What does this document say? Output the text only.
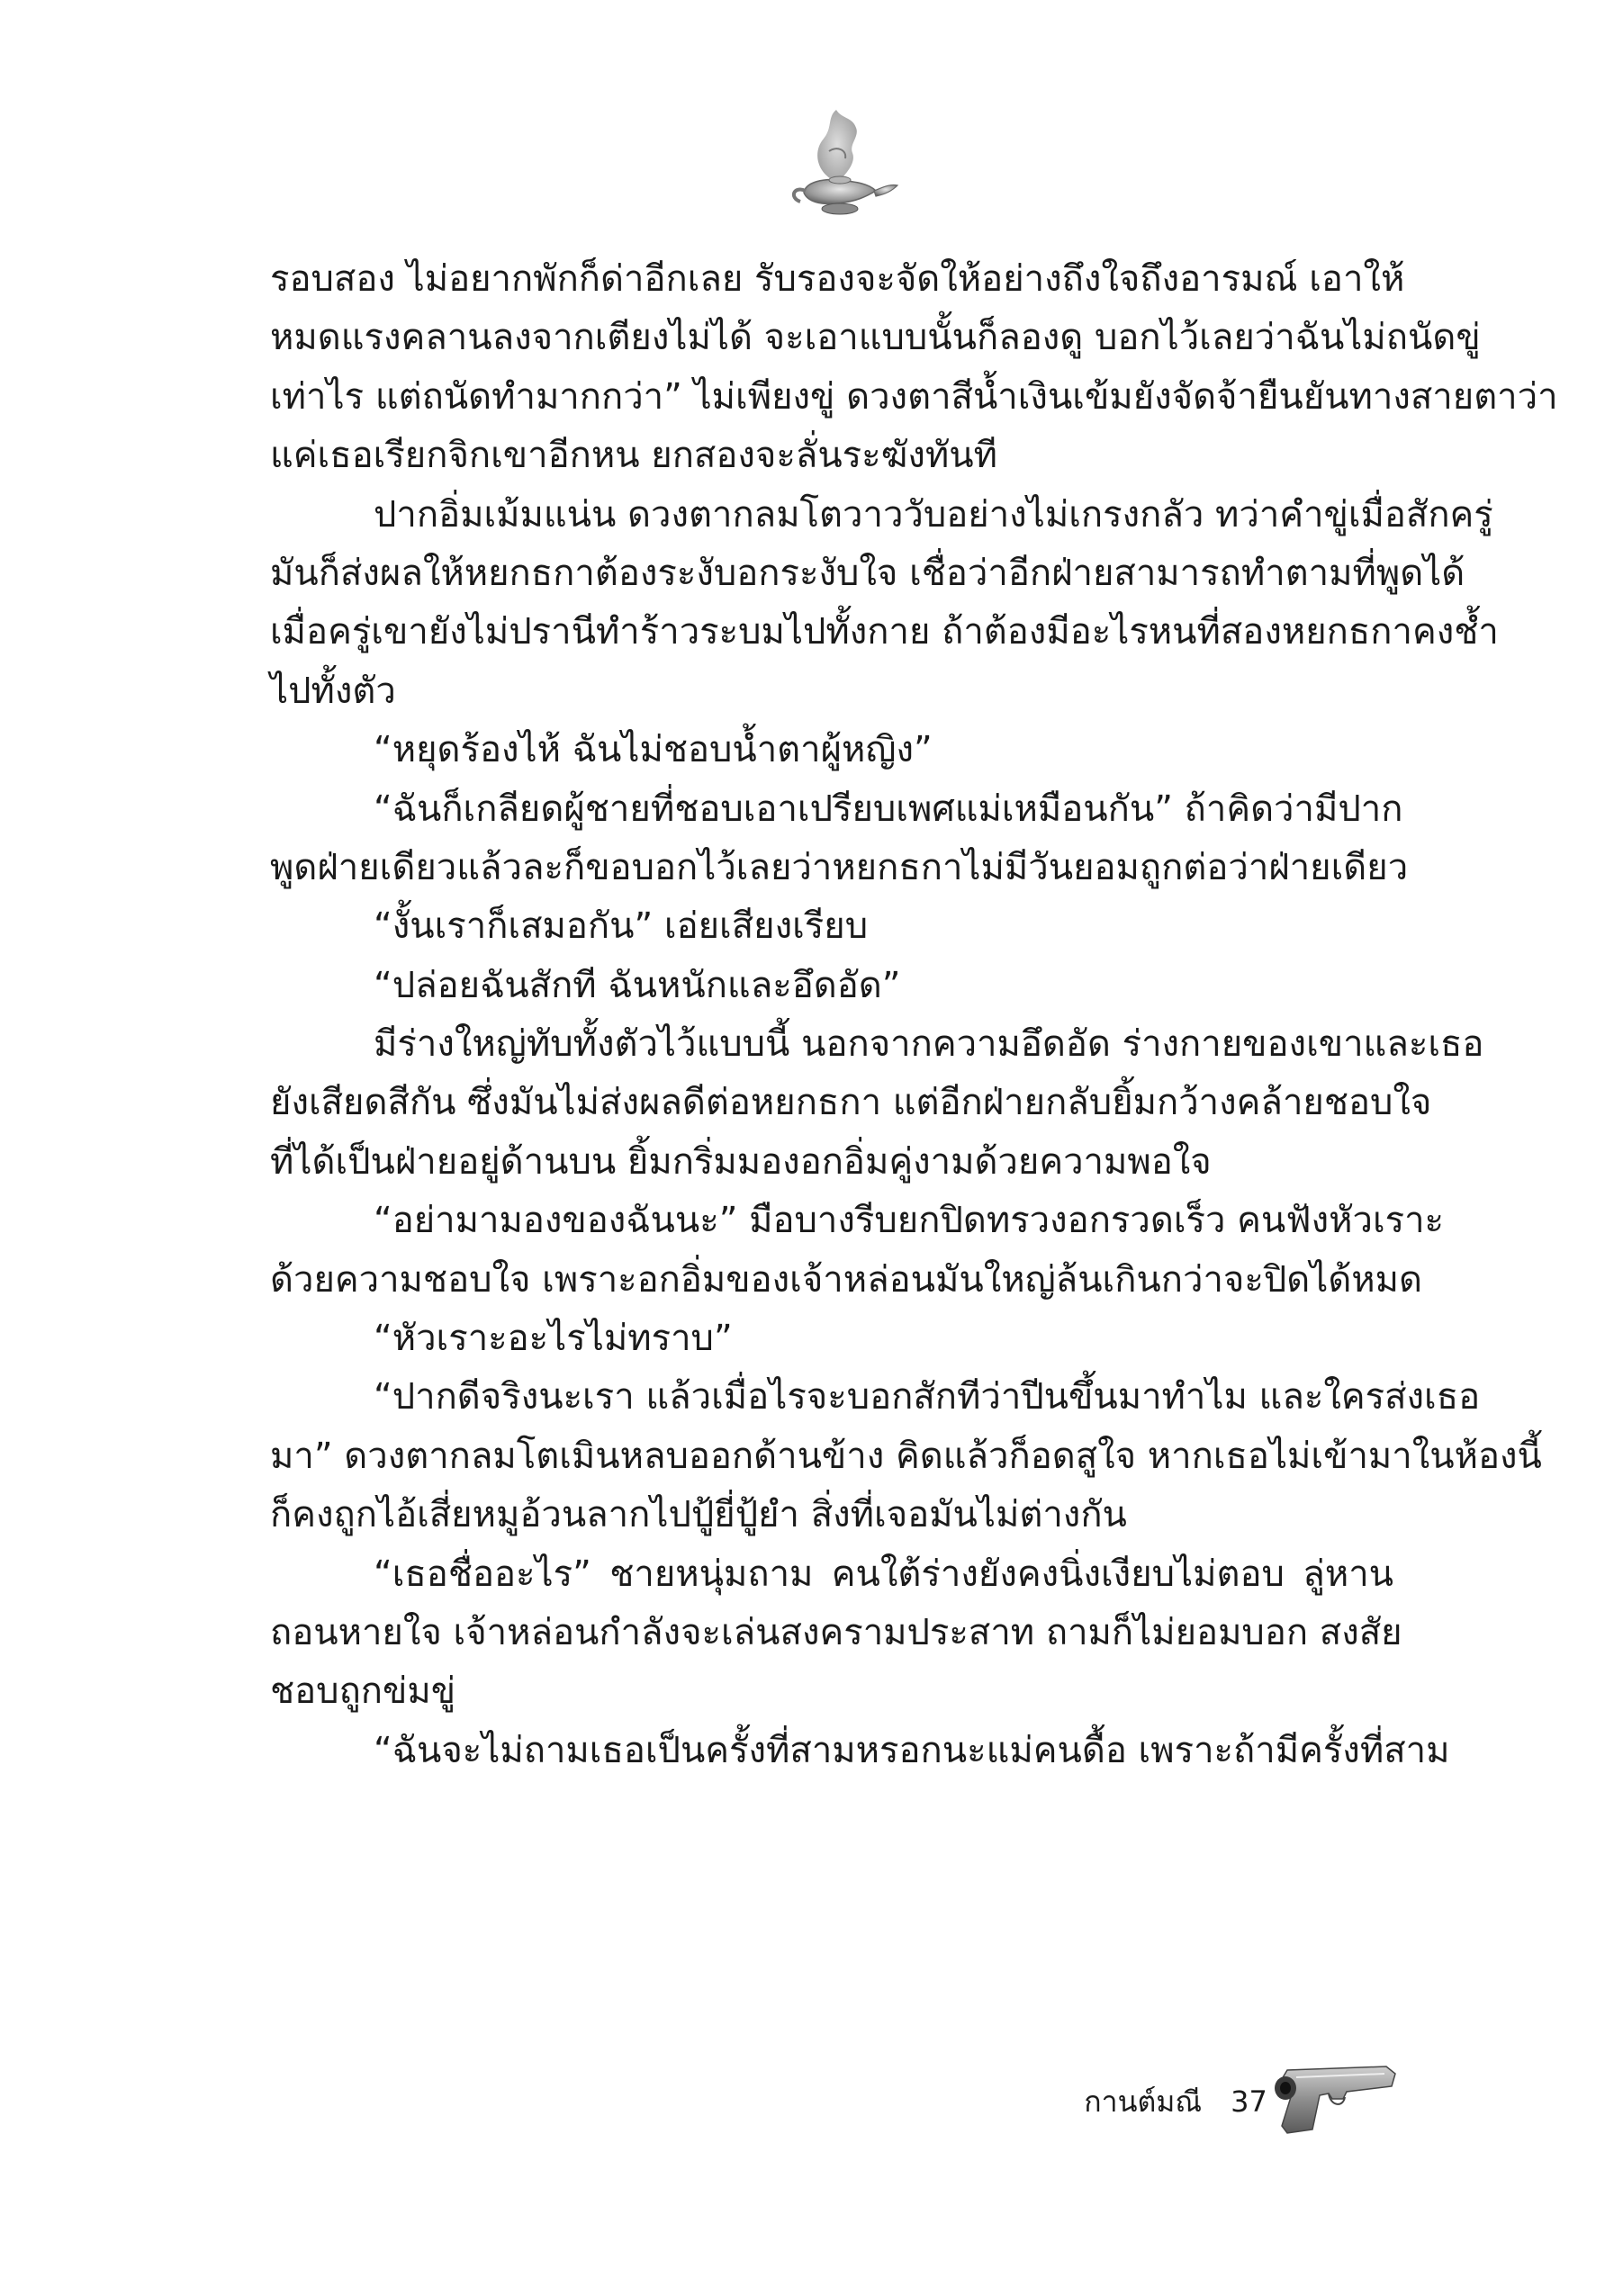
รอบสอง ไม่อยากพักก็ด่าอีกเลย รับรองจะจัดให้อย่างถึงใจถึงอารมณ์ เอาให้
หมดแรงคลานลงจากเตียงไม่ได้ จะเอาแบบนั้นก็ลองดู บอกไว้เลยว่าฉันไม่ถนัดขู่
เท่าไร แต่ถนัดทำมากกว่า” ไม่เพียงขู่ ดวงตาสีน้ำเงินเข้มยังจัดจ้ายืนยันทางสายตาว่า
แค่เธอเรียกจิกเขาอีกหน ยกสองจะลั่นระฆังทันที
ปากอิ่มเม้มแน่น ดวงตากลมโตวาววับอย่างไม่เกรงกลัว ทว่าคำขู่เมื่อสักครู่
มันก็ส่งผลให้หยกธกาต้องระงับอกระงับใจ เชื่อว่าอีกฝ่ายสามารถทำตามที่พูดได้
เมื่อครู่เขายังไม่ปรานีทำร้าวระบมไปทั้งกาย ถ้าต้องมีอะไรหนที่สองหยกธกาคงช้ำ
ไปทั้งตัว
“หยุดร้องไห้ ฉันไม่ชอบน้ำตาผู้หญิง”
“ฉันก็เกลียดผู้ชายที่ชอบเอาเปรียบเพศแม่เหมือนกัน” ถ้าคิดว่ามีปาก
พูดฝ่ายเดียวแล้วละก็ขอบอกไว้เลยว่าหยกธกาไม่มีวันยอมถูกต่อว่าฝ่ายเดียว
“งั้นเราก็เสมอกัน” เอ่ยเสียงเรียบ
“ปล่อยฉันสักที ฉันหนักและอึดอัด”
มีร่างใหญ่ทับทั้งตัวไว้แบบนี้ นอกจากความอึดอัด ร่างกายของเขาและเธอ
ยังเสียดสีกัน ซึ่งมันไม่ส่งผลดีต่อหยกธกา แต่อีกฝ่ายกลับยิ้มกว้างคล้ายชอบใจ
ที่ได้เป็นฝ่ายอยู่ด้านบน ยิ้มกริ่มมองอกอิ่มคู่งามด้วยความพอใจ
“อย่ามามองของฉันนะ” มือบางรีบยกปิดทรวงอกรวดเร็ว คนฟังหัวเราะ
ด้วยความชอบใจ เพราะอกอิ่มของเจ้าหล่อนมันใหญ่ล้นเกินกว่าจะปิดได้หมด
“หัวเราะอะไรไม่ทราบ”
“ปากดีจริงนะเรา แล้วเมื่อไรจะบอกสักทีว่าปีนขึ้นมาทำไม และใครส่งเธอ
มา” ดวงตากลมโตเมินหลบออกด้านข้าง คิดแล้วก็อดสูใจ หากเธอไม่เข้ามาในห้องนี้
ก็คงถูกไอ้เสี่ยหมูอ้วนลากไปปู้ยี่ปู้ยำ สิ่งที่เจอมันไม่ต่างกัน
“เธอชื่ออะไร” ชายหนุ่มถาม คนใต้ร่างยังคงนิ่งเงียบไม่ตอบ ลู่หาน
ถอนหายใจ เจ้าหล่อนกำลังจะเล่นสงครามประสาท ถามก็ไม่ยอมบอก สงสัย
ชอบถูกข่มขู่
“ฉันจะไม่ถามเธอเป็นครั้งที่สามหรอกนะแม่คนดื้อ เพราะถ้ามีครั้งที่สาม
กานต์มณี 37
